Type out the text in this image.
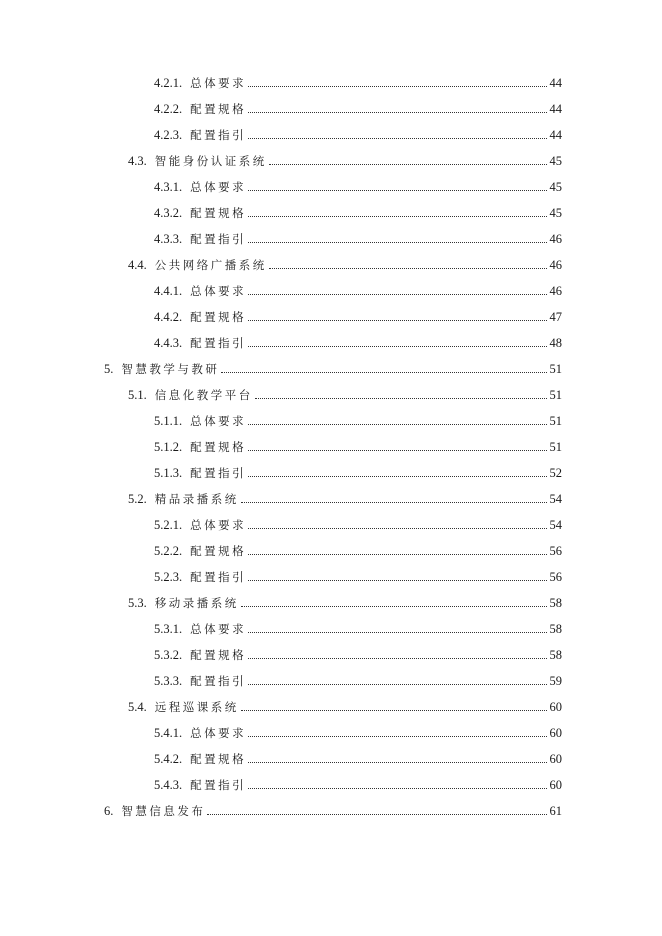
4.2.1. 总体要求	44
4.2.2. 配置规格	44
4.2.3. 配置指引	44
4.3. 智能身份认证系统	45
4.3.1. 总体要求	45
4.3.2. 配置规格	45
4.3.3. 配置指引	46
4.4. 公共网络广播系统	46
4.4.1. 总体要求	46
4.4.2. 配置规格	47
4.4.3. 配置指引	48
5. 智慧教学与教研	51
5.1. 信息化教学平台	51
5.1.1. 总体要求	51
5.1.2. 配置规格	51
5.1.3. 配置指引	52
5.2. 精品录播系统	54
5.2.1. 总体要求	54
5.2.2. 配置规格	56
5.2.3. 配置指引	56
5.3. 移动录播系统	58
5.3.1. 总体要求	58
5.3.2. 配置规格	58
5.3.3. 配置指引	59
5.4. 远程巡课系统	60
5.4.1. 总体要求	60
5.4.2. 配置规格	60
5.4.3. 配置指引	60
6. 智慧信息发布	61
